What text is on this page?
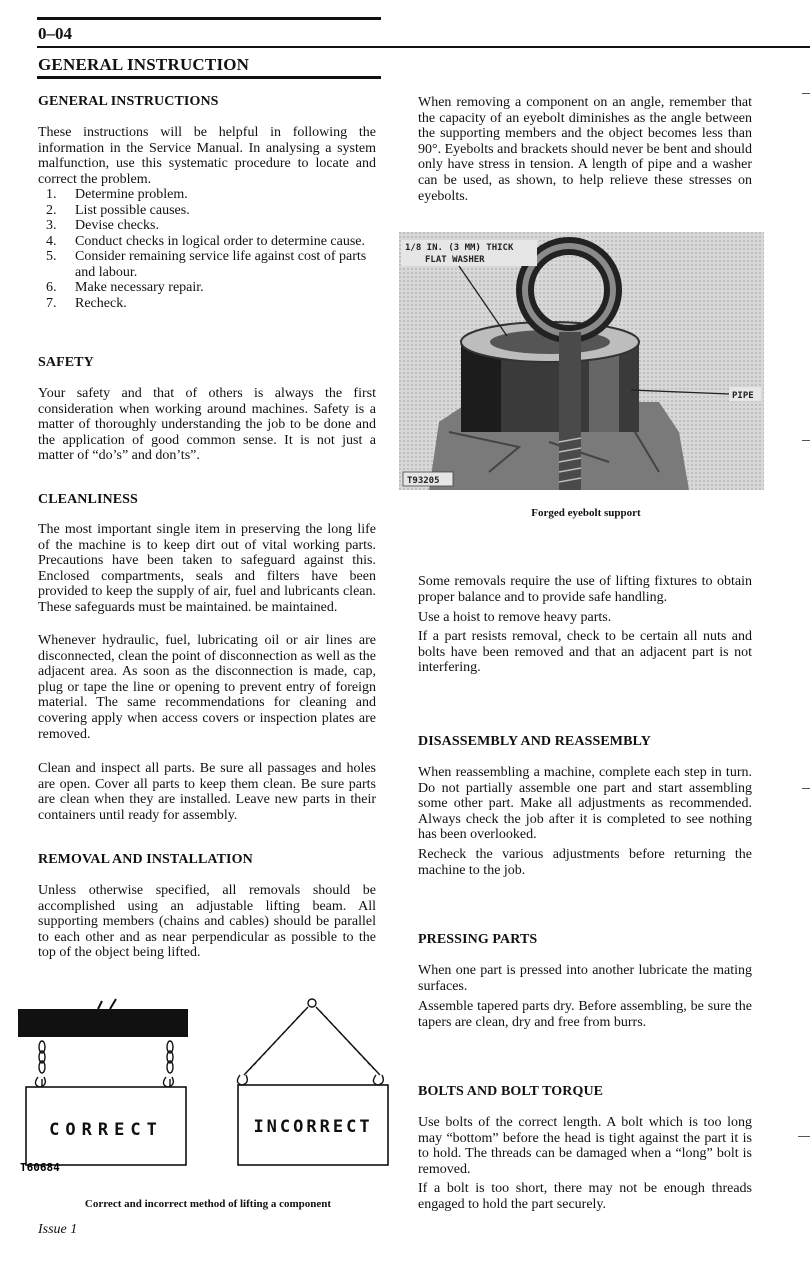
0–04
GENERAL INSTRUCTION
GENERAL INSTRUCTIONS

These instructions will be helpful in following the information in the Service Manual. In analysing a system malfunction, use this systematic procedure to locate and correct the problem.

1.	Determine problem.
2.	List possible causes.
3.	Devise checks.
4.	Conduct checks in logical order to determine cause.
5.	Consider remaining service life against cost of parts and labour.
6.	Make necessary repair.
7.	Recheck.
SAFETY

Your safety and that of others is always the first consideration when working around machines. Safety is a matter of thoroughly understanding the job to be done and the application of good common sense. It is not just a matter of “do’s” and don’ts”.

CLEANLINESS

The most important single item in preserving the long life of the machine is to keep dirt out of vital working parts. Precautions have been taken to safeguard against this. Enclosed compartments, seals and filters have been provided to keep the supply of air, fuel and lubricants clean. These safeguards must be maintained. be maintained.

Whenever hydraulic, fuel, lubricating oil or air lines are disconnected, clean the point of disconnection as well as the adjacent area. As soon as the disconnection is made, cap, plug or tape the line or opening to prevent entry of foreign material. The same recommendations for cleaning and covering apply when access covers or inspection plates are removed.

Clean and inspect all parts. Be sure all passages and holes are open. Cover all parts to keep them clean. Be sure parts are clean when they are installed. Leave new parts in their containers until ready for assembly.

REMOVAL AND INSTALLATION

Unless otherwise specified, all removals should be accomplished using an adjustable lifting beam. All supporting members (chains and cables) should be parallel to each other and as near perpendicular as possible to the top of the object being lifted.

CORRECT
T60684
INCORRECT
Correct and incorrect method of lifting a component
Issue 1

When removing a component on an angle, remember that the capacity of an eyebolt diminishes as the angle between the supporting members and the object becomes less than 90°. Eyebolts and brackets should never be bent and should only have stress in tension. A length of pipe and a washer can be used, as shown, to help relieve these stresses on eyebolts.

1/8 IN. (3 MM) THICK
FLAT WASHER
PIPE
T93205
Forged eyebolt support

Some removals require the use of lifting fixtures to obtain proper balance and to provide safe handling.

Use a hoist to remove heavy parts.

If a part resists removal, check to be certain all nuts and bolts have been removed and that an adjacent part is not interfering.

DISASSEMBLY AND REASSEMBLY

When reassembling a machine, complete each step in turn. Do not partially assemble one part and start assembling some other part. Make all adjustments as recommended. Always check the job after it is completed to see nothing has been overlooked.

Recheck the various adjustments before returning the machine to the job.

PRESSING PARTS

When one part is pressed into another lubricate the mating surfaces.

Assemble tapered parts dry. Before assembling, be sure the tapers are clean, dry and free from burrs.

BOLTS AND BOLT TORQUE

Use bolts of the correct length. A bolt which is too long may “bottom” before the head is tight against the part it is to hold. The threads can be damaged when a “long” bolt is removed.

If a bolt is too short, there may not be enough threads engaged to hold the part securely.
